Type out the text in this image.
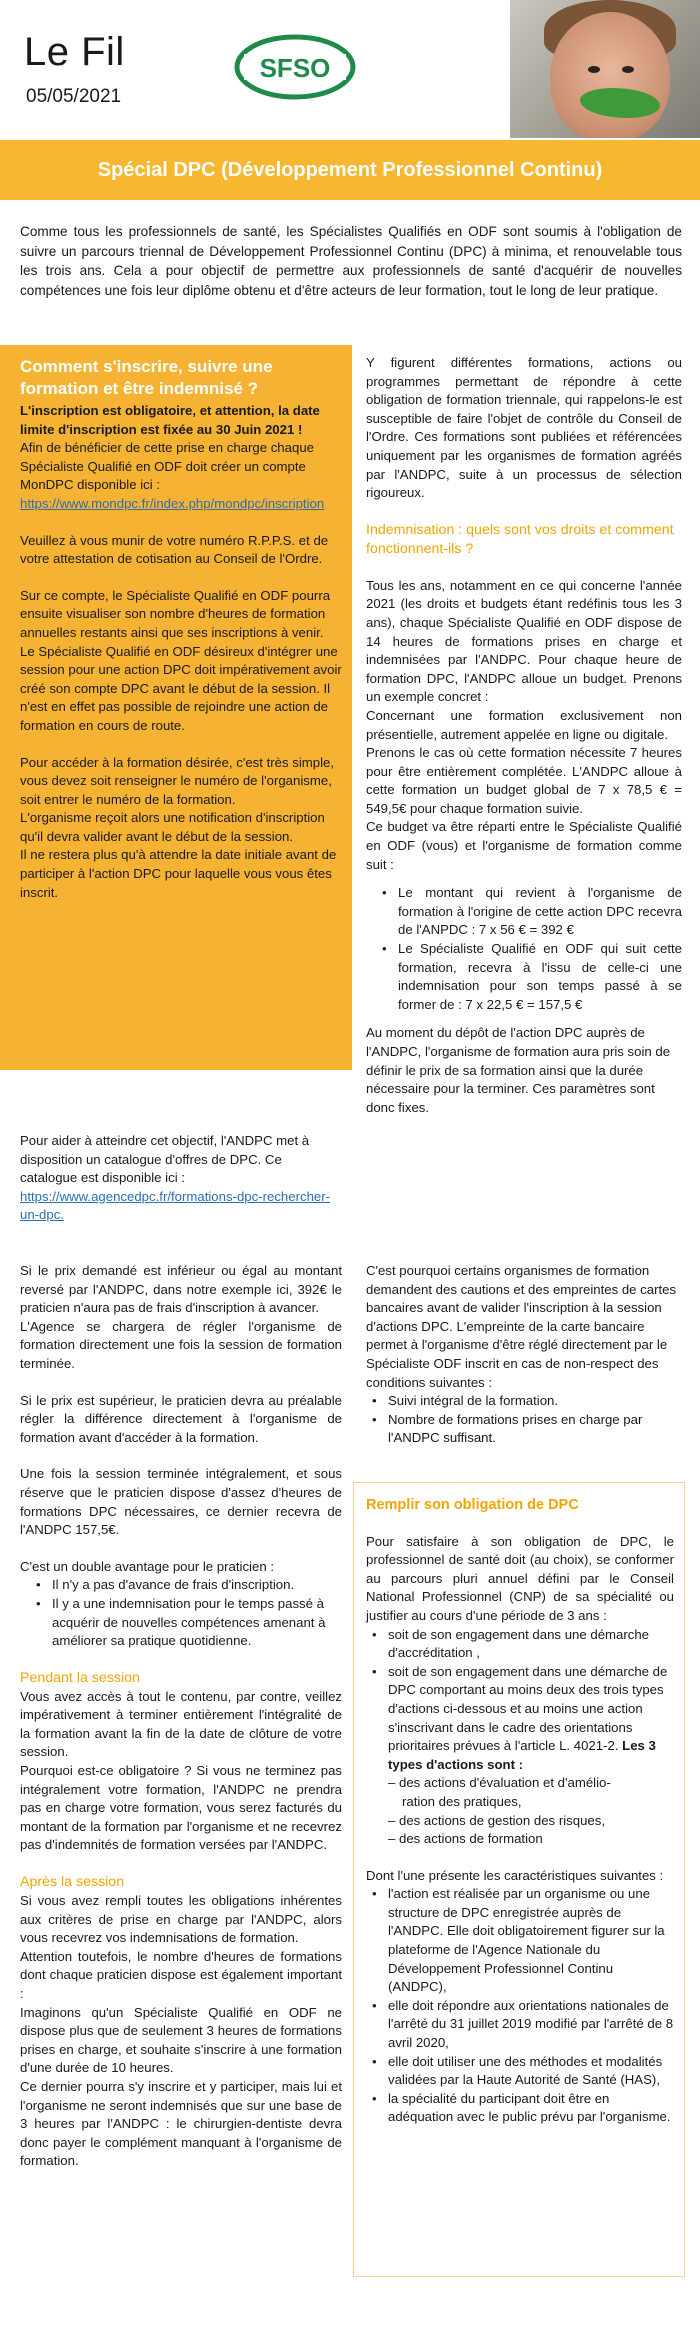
Le Fil
05/05/2021
SFSO
Spécial DPC (Développement Professionnel Continu)
Comme tous les professionnels de santé, les Spécialistes Qualifiés en ODF sont soumis à l'obligation de suivre un parcours triennal de Développement Professionnel Continu (DPC) à minima, et renouvelable tous les trois ans. Cela a pour objectif de permettre aux professionnels de santé d'acquérir de nouvelles compétences une fois leur diplôme obtenu et d'être acteurs de leur formation, tout le long de leur pratique.
Comment s'inscrire, suivre une formation et être indemnisé ?

L'inscription est obligatoire, et attention, la date limite d'inscription est fixée au 30 Juin 2021 !

Afin de bénéficier de cette prise en charge chaque Spécialiste Qualifié en ODF doit créer un compte MonDPC disponible ici :

https://www.mondpc.fr/index.php/mondpc/inscription

Veuillez à vous munir de votre numéro R.P.P.S. et de votre attestation de cotisation au Conseil de l'Ordre.

Sur ce compte, le Spécialiste Qualifié en ODF pourra ensuite visualiser son nombre d'heures de formation annuelles restants ainsi que ses inscriptions à venir.

Le Spécialiste Qualifié en ODF désireux d'intégrer une session pour une action DPC doit impérativement avoir créé son compte DPC avant le début de la session. Il n'est en effet pas possible de rejoindre une action de formation en cours de route.

Pour accéder à la formation désirée, c'est très simple, vous devez soit renseigner le numéro de l'organisme, soit entrer le numéro de la formation.

L'organisme reçoit alors une notification d'inscription qu'il devra valider avant le début de la session.

Il ne restera plus qu'à attendre la date initiale avant de participer à l'action DPC pour laquelle vous vous êtes inscrit.

Y figurent différentes formations, actions ou programmes permettant de répondre à cette obligation de formation triennale, qui rappelons-le est susceptible de faire l'objet de contrôle du Conseil de l'Ordre. Ces formations sont publiées et référencées uniquement par les organismes de formation agréés par l'ANDPC, suite à un processus de sélection rigoureux.

Indemnisation : quels sont vos droits et comment fonctionnent-ils ?

Tous les ans, notamment en ce qui concerne l'année 2021 (les droits et budgets étant redéfinis tous les 3 ans), chaque Spécialiste Qualifié en ODF dispose de 14 heures de formations prises en charge et indemnisées par l'ANDPC. Pour chaque heure de formation DPC, l'ANDPC alloue un budget. Prenons un exemple concret :

Concernant une formation exclusivement non présentielle, autrement appelée en ligne ou digitale.

Prenons le cas où cette formation nécessite 7 heures pour être entièrement complétée. L'ANDPC alloue à cette formation un budget global de 7 x 78,5 € = 549,5€ pour chaque formation suivie.

Ce budget va être réparti entre le Spécialiste Qualifié en ODF (vous) et l'organisme de formation comme suit :

• Le montant qui revient à l'organisme de formation à l'origine de cette action DPC recevra de l'ANPDC : 7 x 56 € = 392 €
• Le Spécialiste Qualifié en ODF qui suit cette formation, recevra à l'issu de celle-ci une indemnisation pour son temps passé à se former de : 7 x 22,5 € = 157,5 €

Au moment du dépôt de l'action DPC auprès de l'ANDPC, l'organisme de formation aura pris soin de définir le prix de sa formation ainsi que la durée nécessaire pour la terminer. Ces paramètres sont donc fixes.

Pour aider à atteindre cet objectif, l'ANDPC met à disposition un catalogue d'offres de DPC. Ce catalogue est disponible ici :

https://www.agencedpc.fr/formations-dpc-rechercher-un-dpc.

Si le prix demandé est inférieur ou égal au montant reversé par l'ANDPC, dans notre exemple ici, 392€ le praticien n'aura pas de frais d'inscription à avancer.

L'Agence se chargera de régler l'organisme de formation directement une fois la session de formation terminée.

Si le prix est supérieur, le praticien devra au préalable régler la différence directement à l'organisme de formation avant d'accéder à la formation.

Une fois la session terminée intégralement, et sous réserve que le praticien dispose d'assez d'heures de formations DPC nécessaires, ce dernier recevra de l'ANDPC 157,5€.

C'est un double avantage pour le praticien :

• Il n'y a pas d'avance de frais d'inscription.
• Il y a une indemnisation pour le temps passé à acquérir de nouvelles compétences amenant à améliorer sa pratique quotidienne.

Pendant la session

Vous avez accès à tout le contenu, par contre, veillez impérativement à terminer entièrement l'intégralité de la formation avant la fin de la date de clôture de votre session.

Pourquoi est-ce obligatoire ? Si vous ne terminez pas intégralement votre formation, l'ANDPC ne prendra pas en charge votre formation, vous serez facturés du montant de la formation par l'organisme et ne recevrez pas d'indemnités de formation versées par l'ANDPC.

Après la session

Si vous avez rempli toutes les obligations inhérentes aux critères de prise en charge par l'ANDPC, alors vous recevrez vos indemnisations de formation.

Attention toutefois, le nombre d'heures de formations dont chaque praticien dispose est également important :

Imaginons qu'un Spécialiste Qualifié en ODF ne dispose plus que de seulement 3 heures de formations prises en charge, et souhaite s'inscrire à une formation d'une durée de 10 heures.

Ce dernier pourra s'y inscrire et y participer, mais lui et l'organisme ne seront indemnisés que sur une base de 3 heures par l'ANDPC : le chirurgien-dentiste devra donc payer le complément manquant à l'organisme de formation.

C'est pourquoi certains organismes de formation demandent des cautions et des empreintes de cartes bancaires avant de valider l'inscription à la session d'actions DPC. L'empreinte de la carte bancaire permet à l'organisme d'être réglé directement par le Spécialiste ODF inscrit en cas de non-respect des conditions suivantes :

• Suivi intégral de la formation.
• Nombre de formations prises en charge par l'ANDPC suffisant.

Remplir son obligation de DPC

Pour satisfaire à son obligation de DPC, le professionnel de santé doit (au choix), se conformer au parcours pluri annuel défini par le Conseil National Professionnel (CNP) de sa spécialité ou justifier au cours d'une période de 3 ans :

• soit de son engagement dans une démarche d'accréditation ,
• soit de son engagement dans une démarche de DPC comportant au moins deux des trois types d'actions ci-dessous et au moins une action s'inscrivant dans le cadre des orientations prioritaires prévues à l'article L. 4021-2. Les 3 types d'actions sont :

– des actions d'évaluation et d'amélio-

ration des pratiques,

– des actions de gestion des risques,

– des actions de formation

Dont l'une présente les caractéristiques suivantes :

• l'action est réalisée par un organisme ou une structure de DPC enregistrée auprès de l'ANDPC. Elle doit obligatoirement figurer sur la plateforme de l'Agence Nationale du Développement Professionnel Continu (ANDPC),
• elle doit répondre aux orientations nationales de l'arrêté du 31 juillet 2019 modifié par l'arrêté de 8 avril 2020,
• elle doit utiliser une des méthodes et modalités validées par la Haute Autorité de Santé (HAS),
• la spécialité du participant doit être en adéquation avec le public prévu par l'organisme.
